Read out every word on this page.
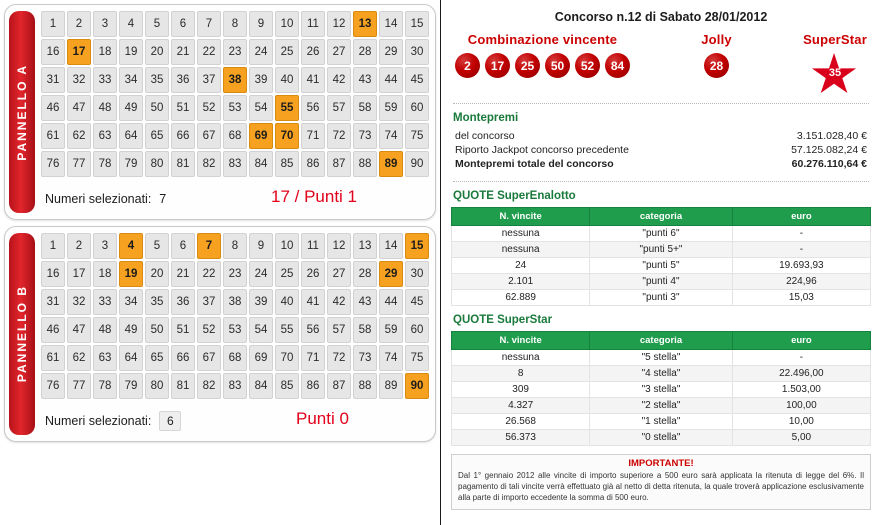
PANNELLO A
1	2	3	4	5	6	7	8	9	10	11	12	13	14	15
16	17	18	19	20	21	22	23	24	25	26	27	28	29	30
31	32	33	34	35	36	37	38	39	40	41	42	43	44	45
46	47	48	49	50	51	52	53	54	55	56	57	58	59	60
61	62	63	64	65	66	67	68	69	70	71	72	73	74	75
76	77	78	79	80	81	82	83	84	85	86	87	88	89	90
Numeri selezionati: 7	17 / Punti 1
PANNELLO B
1	2	3	4	5	6	7	8	9	10	11	12	13	14	15
16	17	18	19	20	21	22	23	24	25	26	27	28	29	30
31	32	33	34	35	36	37	38	39	40	41	42	43	44	45
46	47	48	49	50	51	52	53	54	55	56	57	58	59	60
61	62	63	64	65	66	67	68	69	70	71	72	73	74	75
76	77	78	79	80	81	82	83	84	85	86	87	88	89	90
Numeri selezionati:	6	Punti 0
Concorso n.12 di Sabato 28/01/2012
Combinazione vincente
2	17	25	50	52	84
Jolly
28
SuperStar
35
Montepremi
del concorso	3.151.028,40 €
Riporto Jackpot concorso precedente	57.125.082,24 €
Montepremi totale del concorso	60.276.110,64 €
QUOTE SuperEnalotto
N. vincite	categoria	euro
nessuna	"punti 6"	-
nessuna	"punti 5+"	-
24	"punti 5"	19.693,93
2.101	"punti 4"	224,96
62.889	"punti 3"	15,03
QUOTE SuperStar
N. vincite	categoria	euro
nessuna	"5 stella"	-
8	"4 stella"	22.496,00
309	"3 stella"	1.503,00
4.327	"2 stella"	100,00
26.568	"1 stella"	10,00
56.373	"0 stella"	5,00
IMPORTANTE!
Dal 1° gennaio 2012 alle vincite di importo superiore a 500 euro sarà applicata la ritenuta di legge del 6%. Il pagamento di tali vincite verrà effettuato già al netto di detta ritenuta, la quale troverà applicazione esclusivamente alla parte di importo eccedente la somma di 500 euro.
